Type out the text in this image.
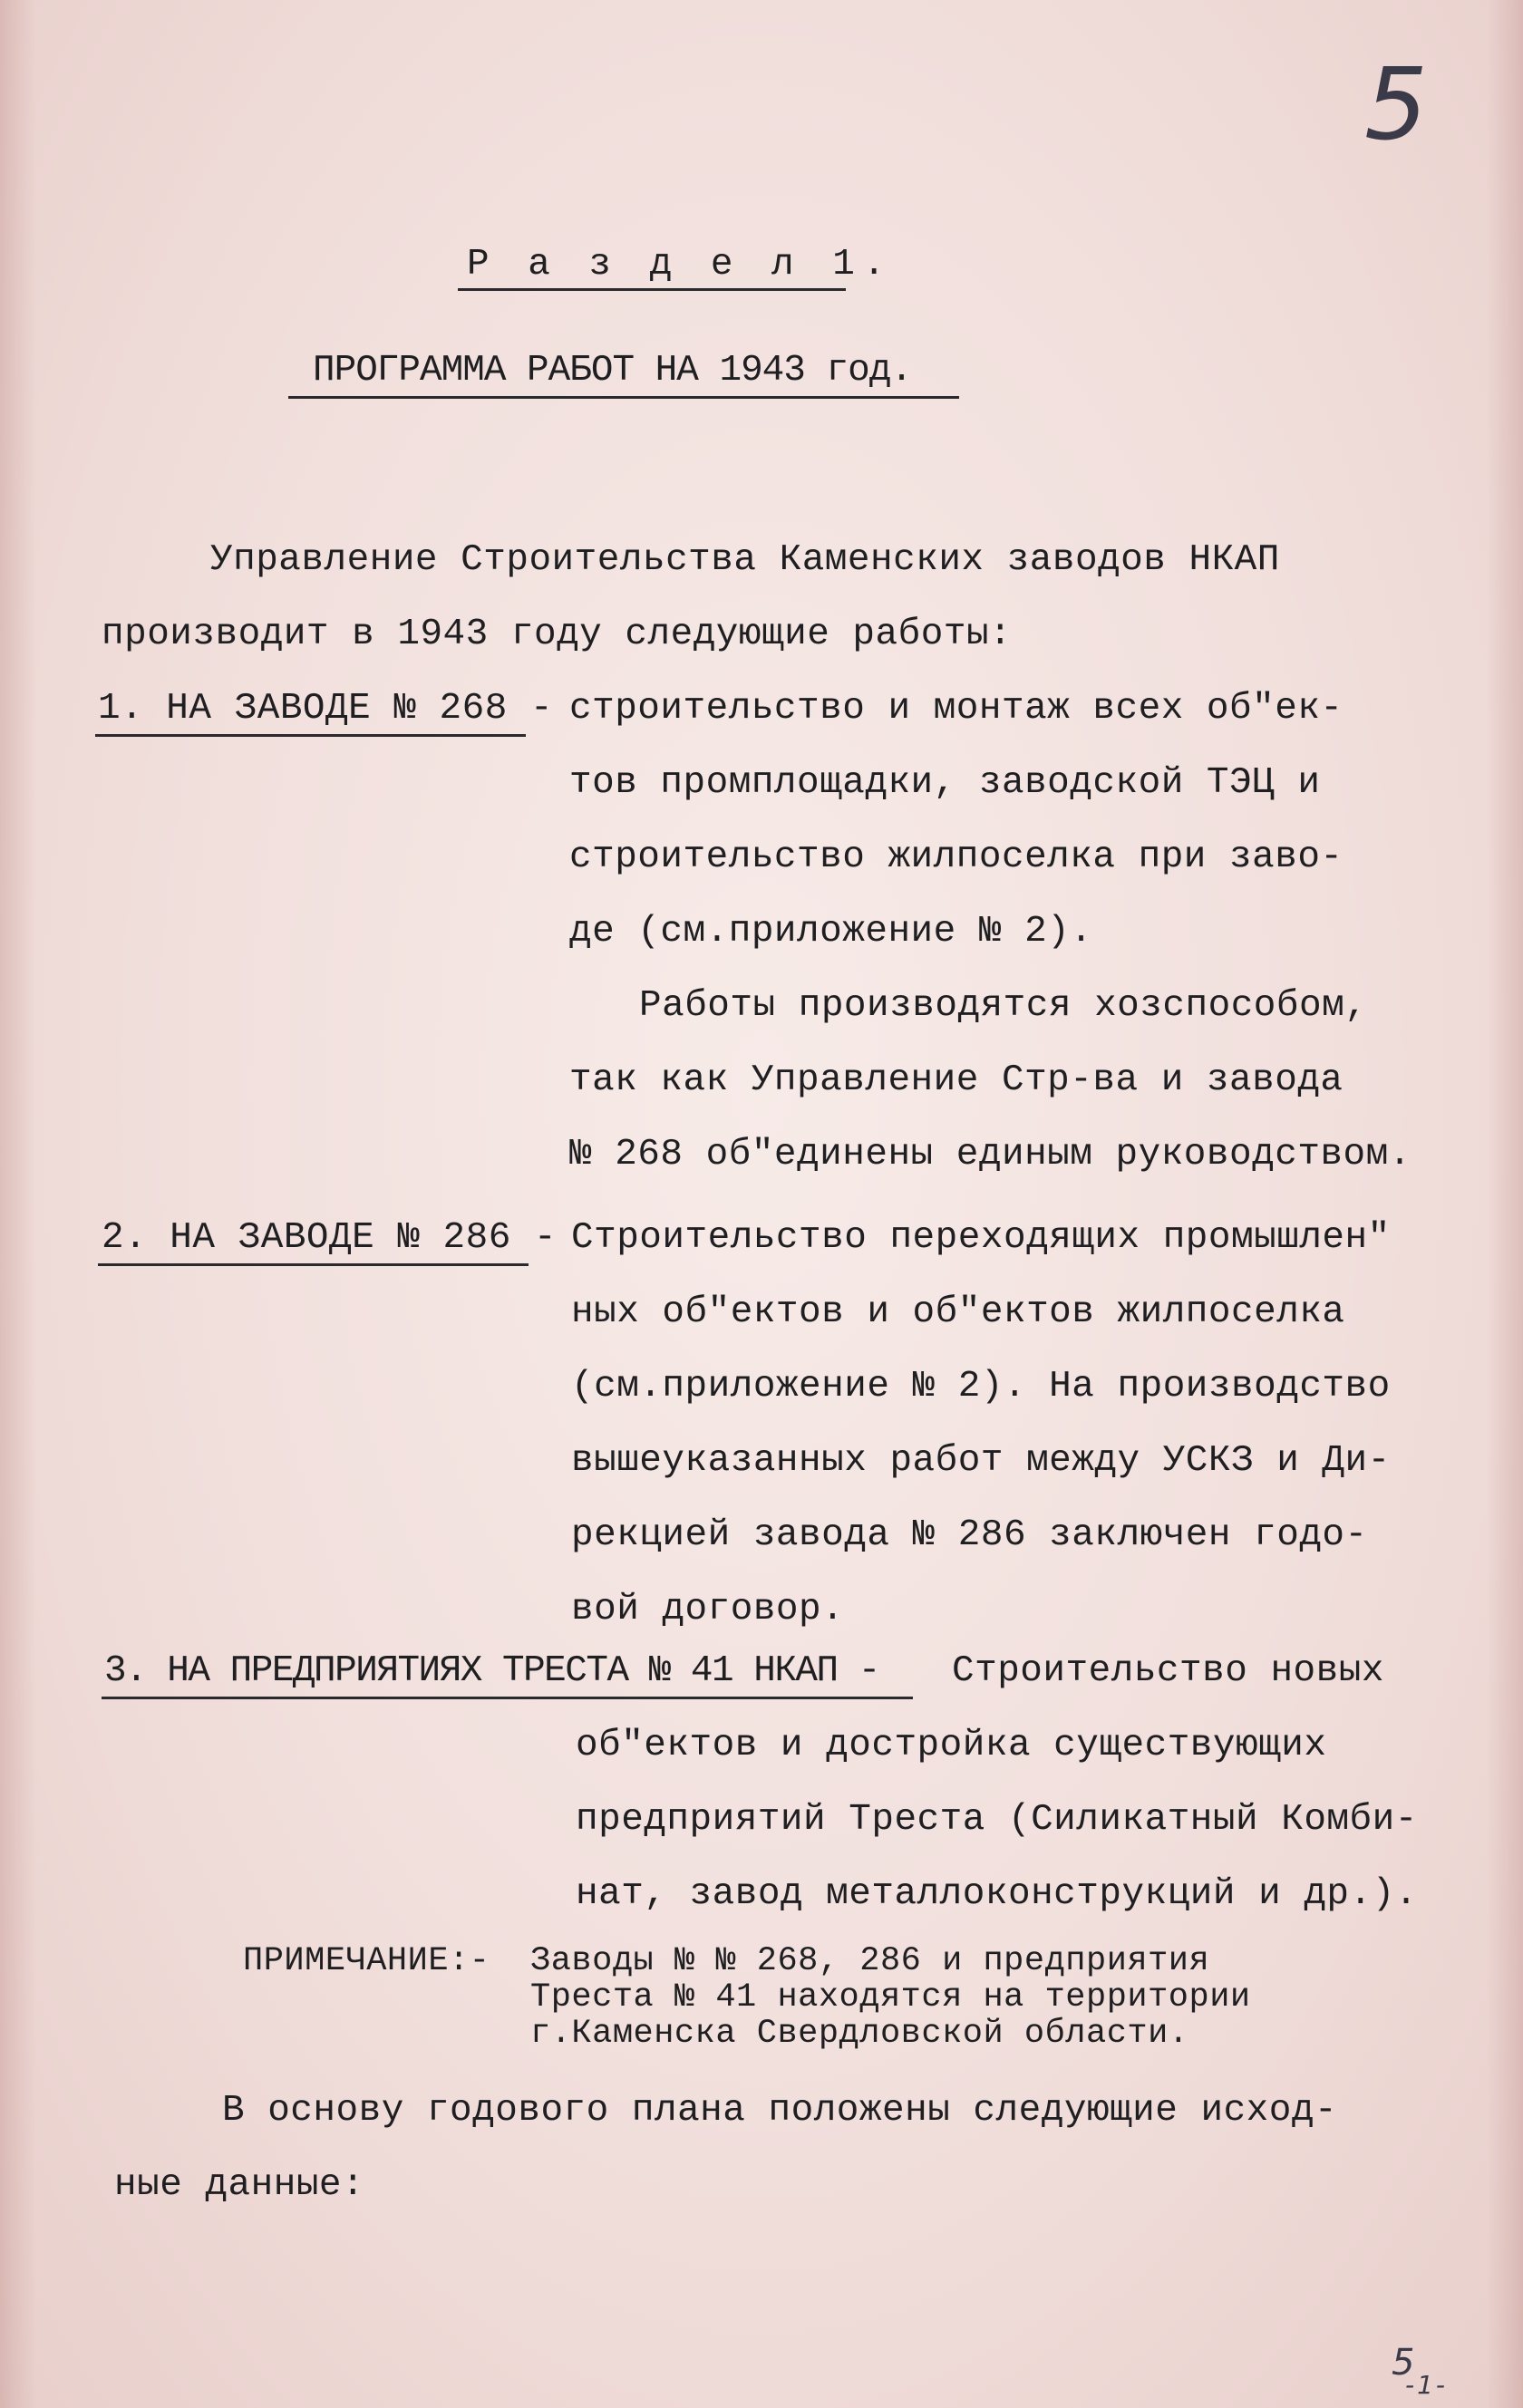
5
Р а з д е л 1.
ПРОГРАММА РАБОТ НА 1943 год.
Управление Строительства Каменских заводов НКАП
производит в 1943 году следующие работы:
1. НА ЗАВОДЕ № 268 - строительство и монтаж всех об"ек-
тов промплощадки, заводской ТЭЦ и
строительство жилпоселка при заво-
де (см.приложение № 2).
Работы производятся хозспособом,
так как Управление Стр-ва и завода
№ 268 об"единены единым руководством.
2. НА ЗАВОДЕ № 286 - Строительство переходящих промышлен"
ных об"ектов и об"ектов жилпоселка
(см.приложение № 2). На производство
вышеуказанных работ между УСКЗ и Ди-
рекцией завода № 286 заключен годо-
вой договор.
3. НА ПРЕДПРИЯТИЯХ ТРЕСТА № 41 НКАП - Строительство новых
об"ектов и достройка существующих
предприятий Треста (Силикатный Комби-
нат, завод металлоконструкций и др.).
ПРИМЕЧАНИЕ:- Заводы № № 268, 286 и предприятия
Треста № 41 находятся на территории
г.Каменска Свердловской области.
В основу годового плана положены следующие исход-
ные данные:
5
-1-
